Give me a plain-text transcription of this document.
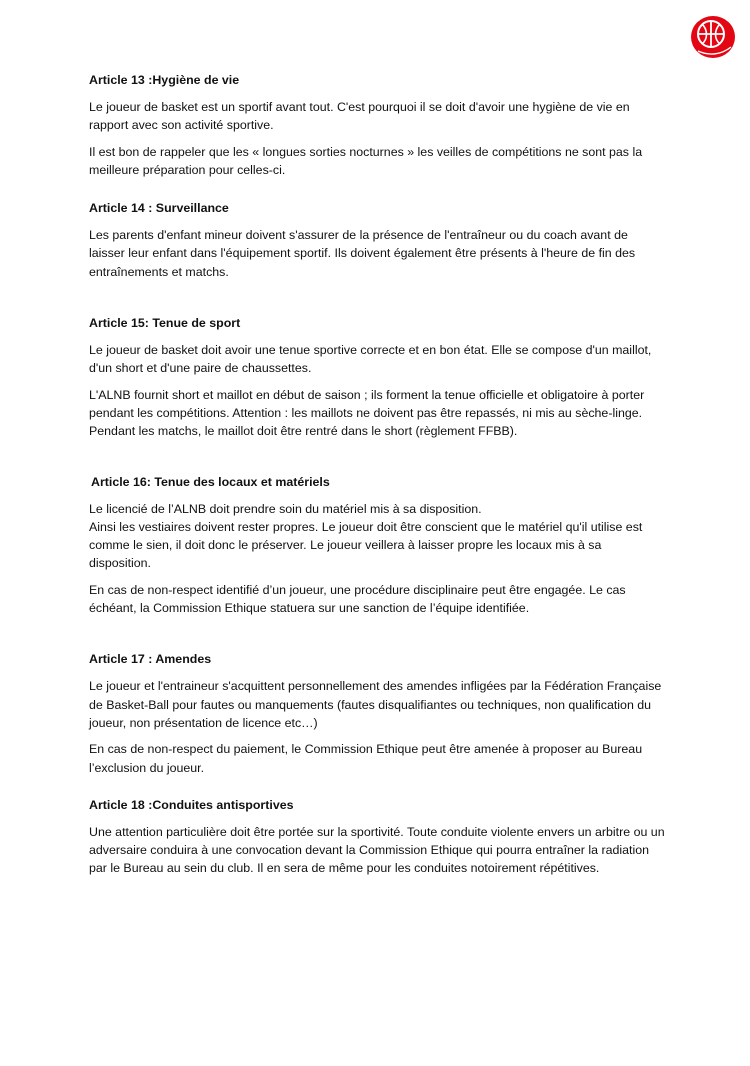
Article 13 :Hygiène de vie

Le joueur de basket est un sportif avant tout. C'est pourquoi il se doit d'avoir une hygiène de vie en rapport avec son activité sportive.

Il est bon de rappeler que les « longues sorties nocturnes » les veilles de compétitions ne sont pas la meilleure préparation pour celles-ci.

Article 14 : Surveillance

Les parents d'enfant mineur doivent s'assurer de la présence de l'entraîneur ou du coach avant de laisser leur enfant dans l'équipement sportif. Ils doivent également être présents à l'heure de fin des entraînements et matchs.

Article 15: Tenue de sport

Le joueur de basket doit avoir une tenue sportive correcte et en bon état. Elle se compose d'un maillot, d'un short et d'une paire de chaussettes.

L'ALNB fournit short et maillot en début de saison ; ils forment la tenue officielle et obligatoire à porter pendant les compétitions. Attention : les maillots ne doivent pas être repassés, ni mis au sèche-linge. Pendant les matchs, le maillot doit être rentré dans le short (règlement FFBB).

Article 16: Tenue des locaux et matériels

Le licencié de l’ALNB doit prendre soin du matériel mis à sa disposition.
Ainsi les vestiaires doivent rester propres. Le joueur doit être conscient que le matériel qu'il utilise est comme le sien, il doit donc le préserver. Le joueur veillera à laisser propre les locaux mis à sa disposition.

En cas de non-respect identifié d’un joueur, une procédure disciplinaire peut être engagée. Le cas échéant, la Commission Ethique statuera sur une sanction de l’équipe identifiée.

Article 17 : Amendes

Le joueur et l'entraineur s'acquittent personnellement des amendes infligées par la Fédération Française de Basket-Ball pour fautes ou manquements (fautes disqualifiantes ou techniques, non qualification du joueur, non présentation de licence etc…)

En cas de non-respect du paiement, le Commission Ethique peut être amenée à proposer au Bureau l’exclusion du joueur.

Article 18 :Conduites antisportives

Une attention particulière doit être portée sur la sportivité. Toute conduite violente envers un arbitre ou un adversaire conduira à une convocation devant la Commission Ethique qui pourra entraîner la radiation par le Bureau au sein du club. Il en sera de même pour les conduites notoirement répétitives.
